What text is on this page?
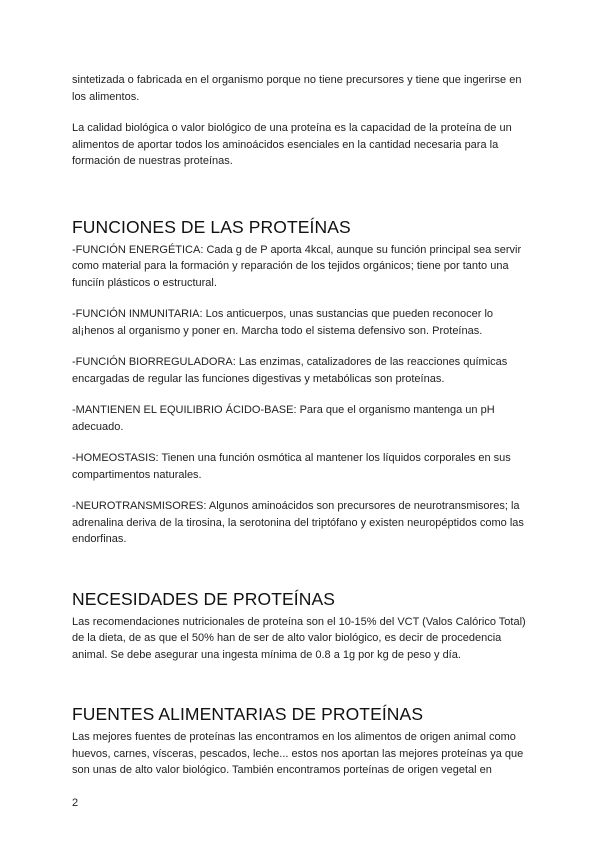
sintetizada o fabricada en el organismo porque no tiene precursores y tiene que ingerirse en los alimentos.

La calidad biológica o valor biológico de una proteína es la capacidad de la proteína de un alimentos de aportar todos los aminoácidos esenciales en la cantidad necesaria para la formación de nuestras proteínas.

FUNCIONES DE LAS PROTEÍNAS

-FUNCIÓN ENERGÉTICA: Cada g de P aporta 4kcal, aunque su función principal sea servir como material para la formación y reparación de los tejidos orgánicos; tiene por tanto una funciín plásticos o estructural.

-FUNCIÓN INMUNITARIA: Los anticuerpos, unas sustancias que pueden reconocer lo al¡henos al organismo y poner en. Marcha todo el sistema defensivo son. Proteínas.

-FUNCIÓN BIORREGULADORA: Las enzimas, catalizadores de las reacciones químicas encargadas de regular las funciones digestivas y metabólicas son proteínas.

-MANTIENEN EL EQUILIBRIO ÁCIDO-BASE: Para que el organismo mantenga un pH adecuado.

-HOMEOSTASIS: Tienen una función osmótica al mantener los líquidos corporales en sus compartimentos naturales.

-NEUROTRANSMISORES: Algunos aminoácidos son precursores de neurotransmisores; la adrenalina deriva de la tirosina, la serotonina del triptófano y existen neuropéptidos como las endorfinas.

NECESIDADES DE PROTEÍNAS

Las recomendaciones nutricionales de proteína son el 10-15% del VCT (Valos Calórico Total) de la dieta, de as que el 50% han de ser de alto valor biológico, es decir de procedencia animal. Se debe asegurar una ingesta mínima de 0.8 a 1g por kg de peso y día.

FUENTES ALIMENTARIAS DE PROTEÍNAS

Las mejores fuentes de proteínas las encontramos en los alimentos de origen animal como huevos, carnes, vísceras, pescados, leche... estos nos aportan las mejores proteínas ya que son unas de alto valor biológico. También encontramos porteínas de origen vegetal en

2
